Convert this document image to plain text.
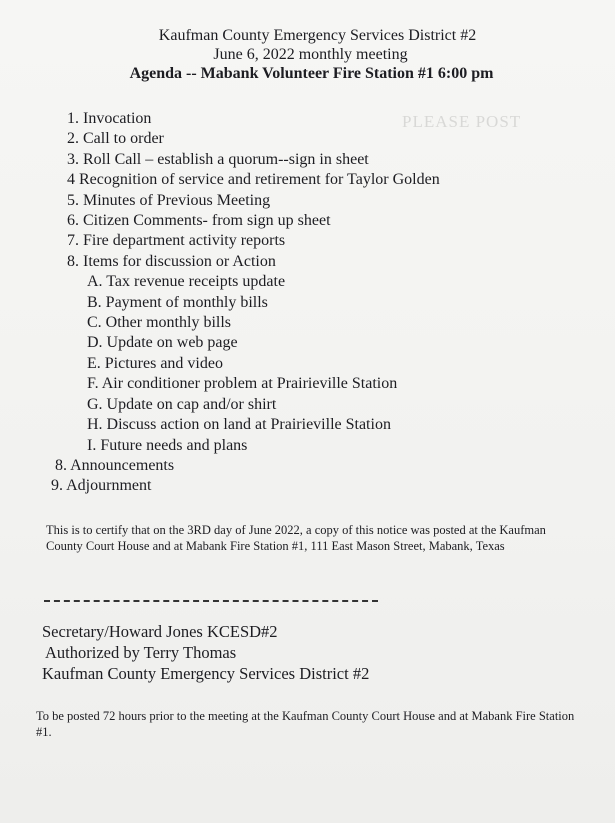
PLEASE POST
Kaufman County Emergency Services District #2
June 6, 2022 monthly meeting
Agenda -- Mabank Volunteer Fire Station #1 6:00 pm
1. Invocation
2. Call to order
3. Roll Call – establish a quorum--sign in sheet
4 Recognition of service and retirement for Taylor Golden
5. Minutes of Previous Meeting
6. Citizen Comments- from sign up sheet
7. Fire department activity reports
8. Items for discussion or Action
A. Tax revenue receipts update
B. Payment of monthly bills
C. Other monthly bills
D. Update on web page
E. Pictures and video
F. Air conditioner problem at Prairieville Station
G. Update on cap and/or shirt
H. Discuss action on land at Prairieville Station
I. Future needs and plans
8. Announcements
9. Adjournment
This is to certify that on the 3RD day of June 2022, a copy of this notice was posted at the Kaufman County Court House and at Mabank Fire Station #1, 111 East Mason Street, Mabank, Texas
Secretary/Howard Jones KCESD#2
Authorized by Terry Thomas
Kaufman County Emergency Services District #2
To be posted 72 hours prior to the meeting at the Kaufman County Court House and at Mabank Fire Station #1.
